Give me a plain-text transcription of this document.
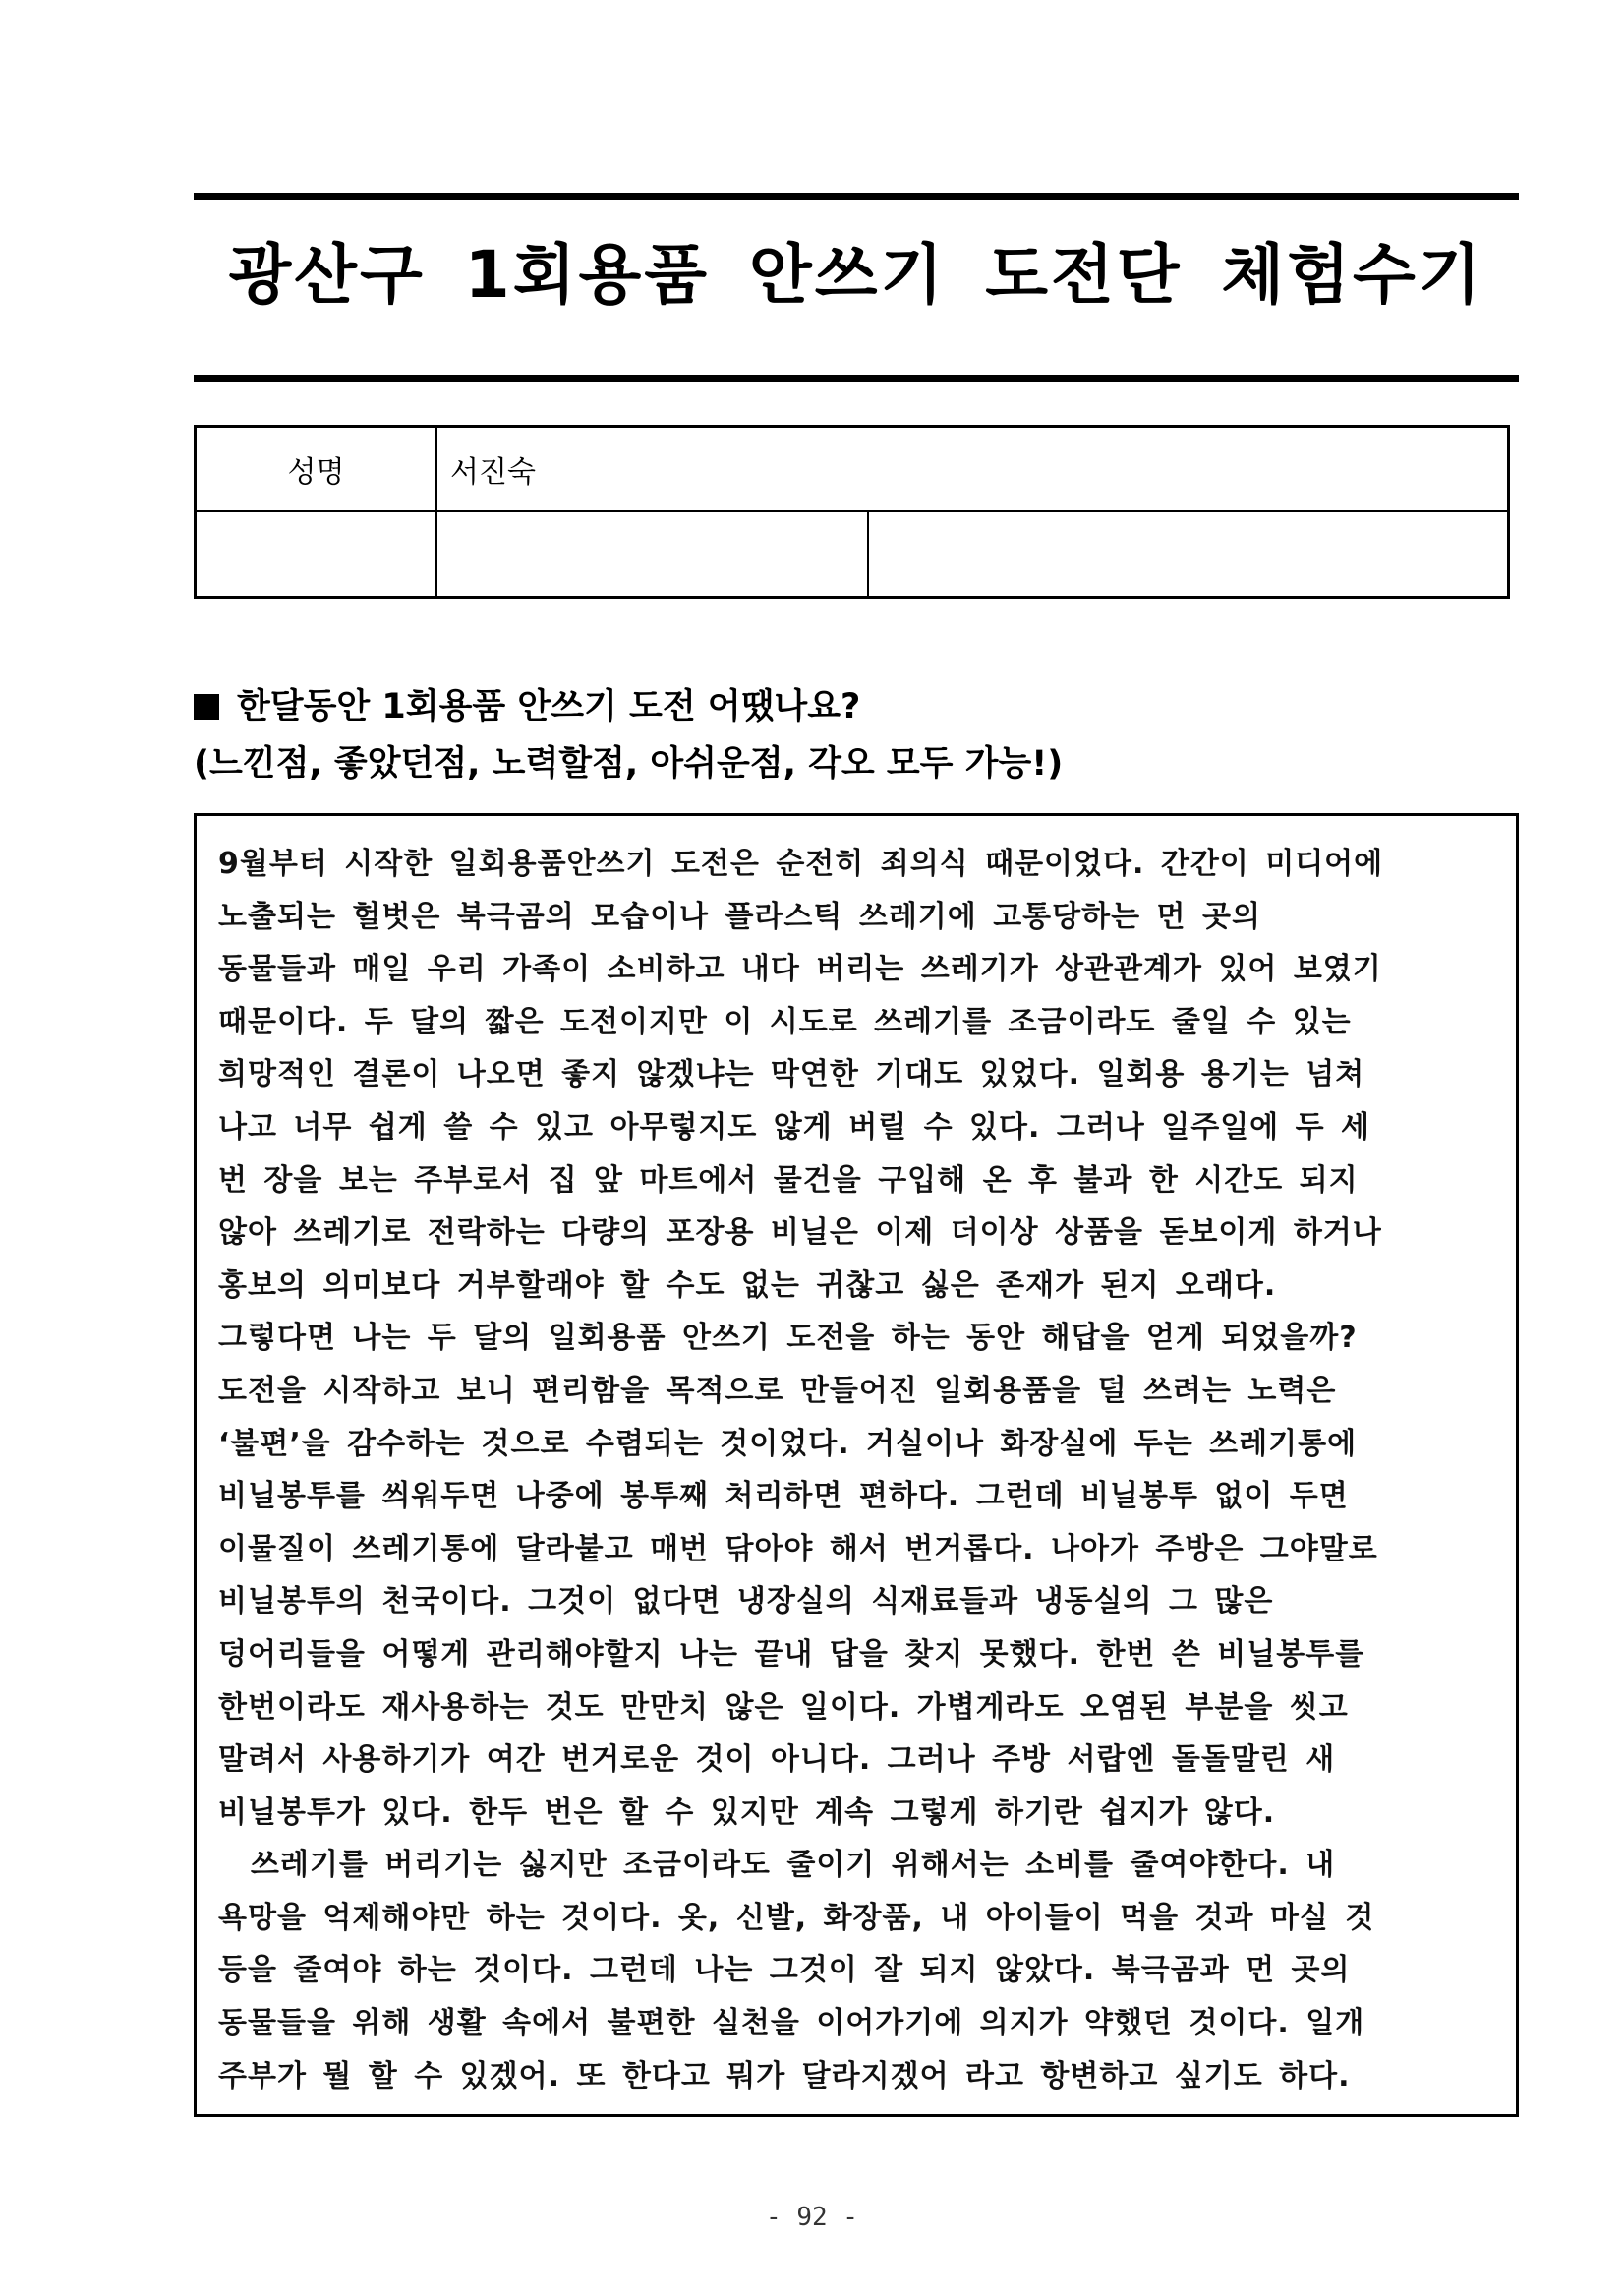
광산구 1회용품 안쓰기 도전단 체험수기
성명	서진숙
한달동안 1회용품 안쓰기 도전 어땠나요?
(느낀점, 좋았던점, 노력할점, 아쉬운점, 각오 모두 가능!)
9월부터 시작한 일회용품안쓰기 도전은 순전히 죄의식 때문이었다. 간간이 미디어에
노출되는 헐벗은 북극곰의 모습이나 플라스틱 쓰레기에 고통당하는 먼 곳의
동물들과 매일 우리 가족이 소비하고 내다 버리는 쓰레기가 상관관계가 있어 보였기
때문이다. 두 달의 짧은 도전이지만 이 시도로 쓰레기를 조금이라도 줄일 수 있는
희망적인 결론이 나오면 좋지 않겠냐는 막연한 기대도 있었다. 일회용 용기는 넘쳐
나고 너무 쉽게 쓸 수 있고 아무렇지도 않게 버릴 수 있다. 그러나 일주일에 두 세
번 장을 보는 주부로서 집 앞 마트에서 물건을 구입해 온 후 불과 한 시간도 되지
않아 쓰레기로 전락하는 다량의 포장용 비닐은 이제 더이상 상품을 돋보이게 하거나
홍보의 의미보다 거부할래야 할 수도 없는 귀찮고 싫은 존재가 된지 오래다.
그렇다면 나는 두 달의 일회용품 안쓰기 도전을 하는 동안 해답을 얻게 되었을까?
도전을 시작하고 보니 편리함을 목적으로 만들어진 일회용품을 덜 쓰려는 노력은
‘불편’을 감수하는 것으로 수렴되는 것이었다. 거실이나 화장실에 두는 쓰레기통에
비닐봉투를 씌워두면 나중에 봉투째 처리하면 편하다. 그런데 비닐봉투 없이 두면
이물질이 쓰레기통에 달라붙고 매번 닦아야 해서 번거롭다. 나아가 주방은 그야말로
비닐봉투의 천국이다. 그것이 없다면 냉장실의 식재료들과 냉동실의 그 많은
덩어리들을 어떻게 관리해야할지 나는 끝내 답을 찾지 못했다. 한번 쓴 비닐봉투를
한번이라도 재사용하는 것도 만만치 않은 일이다. 가볍게라도 오염된 부분을 씻고
말려서 사용하기가 여간 번거로운 것이 아니다. 그러나 주방 서랍엔 돌돌말린 새
비닐봉투가 있다. 한두 번은 할 수 있지만 계속 그렇게 하기란 쉽지가 않다.
쓰레기를 버리기는 싫지만 조금이라도 줄이기 위해서는 소비를 줄여야한다. 내
욕망을 억제해야만 하는 것이다. 옷, 신발, 화장품, 내 아이들이 먹을 것과 마실 것
등을 줄여야 하는 것이다. 그런데 나는 그것이 잘 되지 않았다. 북극곰과 먼 곳의
동물들을 위해 생활 속에서 불편한 실천을 이어가기에 의지가 약했던 것이다. 일개
주부가 뭘 할 수 있겠어. 또 한다고 뭐가 달라지겠어 라고 항변하고 싶기도 하다.
- 92 -
